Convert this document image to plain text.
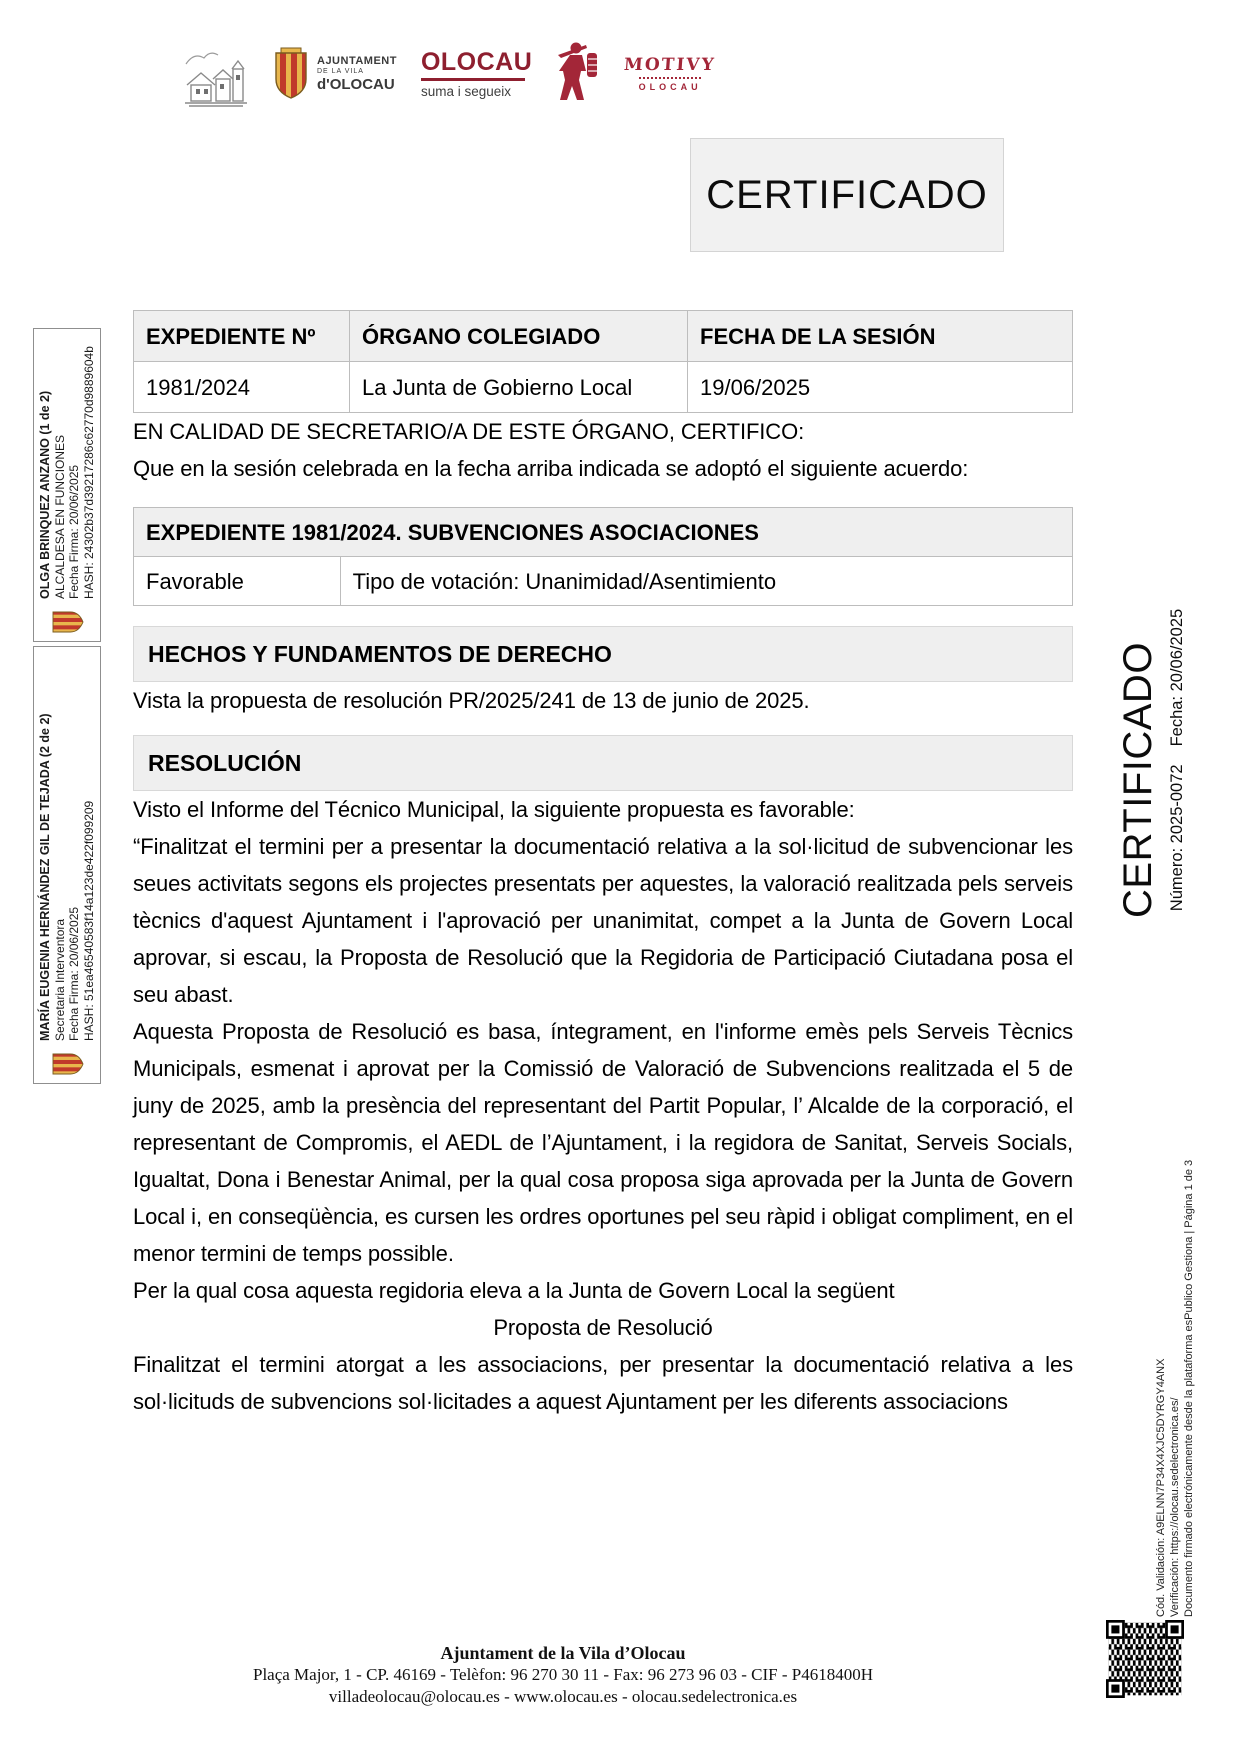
AJUNTAMENT
DE LA VILA
d'OLOCAU
OLOCAU
suma i segueix
MOTIVY
OLOCAU
CERTIFICADO
EXPEDIENTE Nº	ÓRGANO COLEGIADO	FECHA DE LA SESIÓN
1981/2024	La Junta de Gobierno Local	19/06/2025

EN CALIDAD DE SECRETARIO/A DE ESTE ÓRGANO, CERTIFICO:

Que en la sesión celebrada en la fecha arriba indicada se adoptó el siguiente acuerdo:

EXPEDIENTE 1981/2024. SUBVENCIONES ASOCIACIONES
Favorable	Tipo de votación: Unanimidad/Asentimiento
HECHOS Y FUNDAMENTOS DE DERECHO

Vista la propuesta de resolución PR/2025/241 de 13 de junio de 2025.

RESOLUCIÓN

Visto el Informe del Técnico Municipal, la siguiente propuesta es favorable:

“Finalitzat el termini per a presentar la documentació relativa a la sol·licitud de subvencionar les seues activitats segons els projectes presentats per aquestes, la valoració realitzada pels serveis tècnics d'aquest Ajuntament i l'aprovació per unanimitat, compet a la Junta de Govern Local aprovar, si escau, la Proposta de Resolució que la Regidoria de Participació Ciutadana posa el seu abast.

Aquesta Proposta de Resolució es basa, íntegrament, en l'informe emès pels Serveis Tècnics Municipals, esmenat i aprovat per la Comissió de Valoració de Subvencions realitzada el 5 de juny de 2025, amb la presència del representant del Partit Popular, l’ Alcalde de la corporació, el representant de Compromis, el AEDL de l’Ajuntament, i la regidora de Sanitat, Serveis Socials, Igualtat, Dona i Benestar Animal, per la qual cosa proposa siga aprovada per la Junta de Govern Local i, en conseqüència, es cursen les ordres oportunes pel seu ràpid i obligat compliment, en el menor termini de temps possible.

Per la qual cosa aquesta regidoria eleva a la Junta de Govern Local la següent

Proposta de Resolució

Finalitzat el termini atorgat a les associacions, per presentar la documentació relativa a les sol·licituds de subvencions sol·licitades a aquest Ajuntament per les diferents associacions

Ajuntament de la Vila d’Olocau
Plaça Major, 1 - CP. 46169 - Telèfon: 96 270 30 11 - Fax: 96 273 96 03 - CIF - P4618400H
villadeolocau@olocau.es - www.olocau.es - olocau.sedelectronica.es
OLGA BRINQUEZ ANZANO (1 de 2) ALCALDESA EN FUNCIONES Fecha Firma: 20/06/2025 HASH: 24302b37d39217286c62770d9889604b
MARÍA EUGENIA HERNÁNDEZ GIL DE TEJADA (2 de 2) Secretaria Interventora Fecha Firma: 20/06/2025 HASH: 51ea46540583f14a123de422f099209
CERTIFICADO Número: 2025-0072
Fecha: 20/06/2025
Cód. Validación: A9ELNN7P34X4XJC5DYRGY4ANX Verificación: https://olocau.sedelectronica.es/ Documento firmado electrónicamente desde la plataforma esPublico Gestiona | Página 1 de 3
